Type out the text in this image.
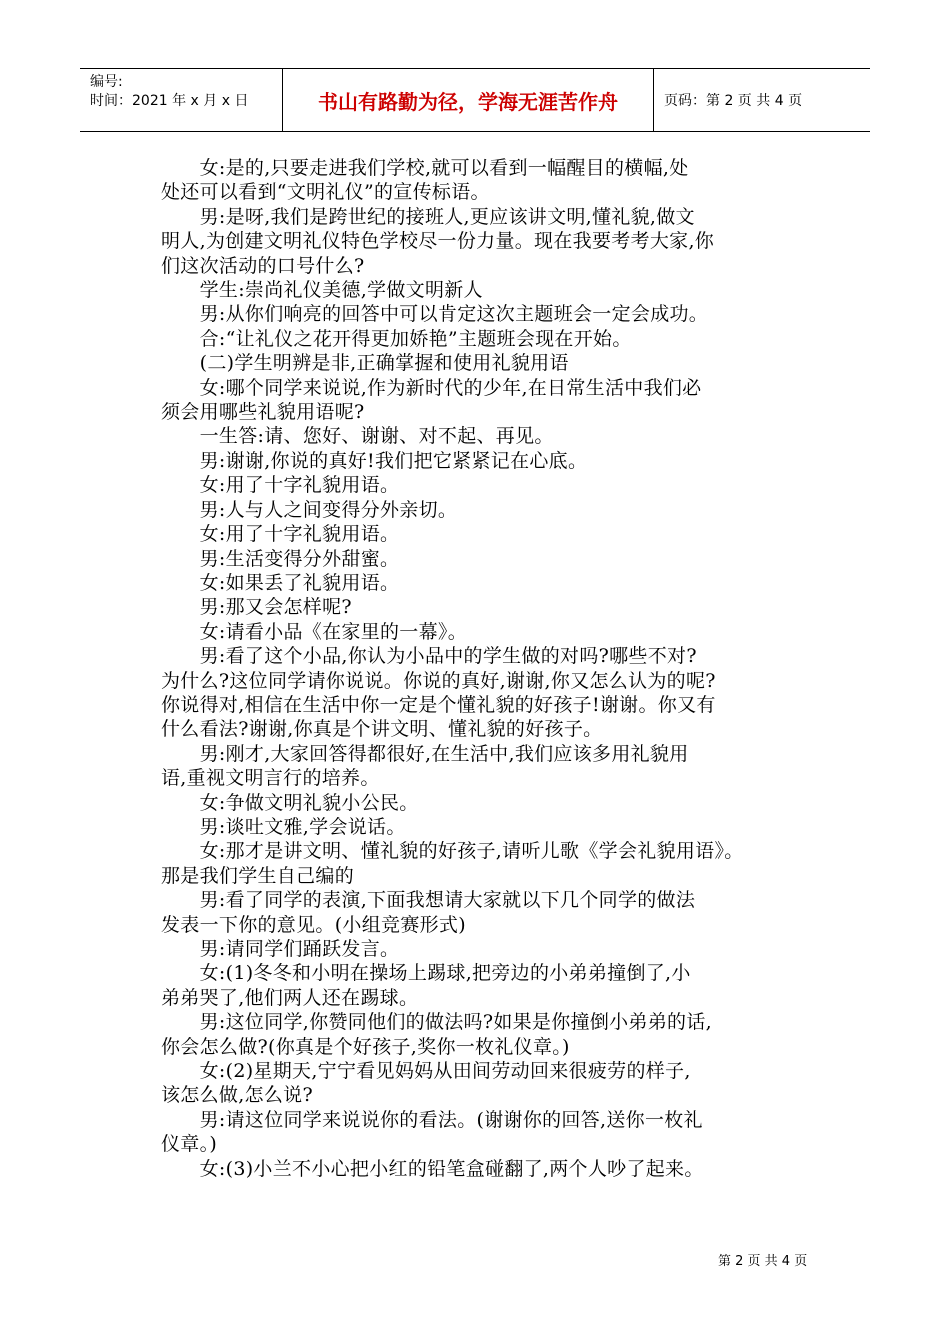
编号:
时间：2021 年 x 月 x 日	书山有路勤为径，学海无涯苦作舟	页码：第 2 页 共 4 页
　　女:是的,只要走进我们学校,就可以看到一幅醒目的横幅,处
处还可以看到“文明礼仪”的宣传标语。
　　男:是呀,我们是跨世纪的接班人,更应该讲文明,懂礼貌,做文
明人,为创建文明礼仪特色学校尽一份力量。现在我要考考大家,你
们这次活动的口号什么?
　　学生:崇尚礼仪美德,学做文明新人
　　男:从你们响亮的回答中可以肯定这次主题班会一定会成功。
　　合:“让礼仪之花开得更加娇艳”主题班会现在开始。
　　(二)学生明辨是非,正确掌握和使用礼貌用语
　　女:哪个同学来说说,作为新时代的少年,在日常生活中我们必
须会用哪些礼貌用语呢?
　　一生答:请、您好、谢谢、对不起、再见。
　　男:谢谢,你说的真好!我们把它紧紧记在心底。
　　女:用了十字礼貌用语。
　　男:人与人之间变得分外亲切。
　　女:用了十字礼貌用语。
　　男:生活变得分外甜蜜。
　　女:如果丢了礼貌用语。
　　男:那又会怎样呢?
　　女:请看小品《在家里的一幕》。
　　男:看了这个小品,你认为小品中的学生做的对吗?哪些不对?
为什么?这位同学请你说说。你说的真好,谢谢,你又怎么认为的呢?
你说得对,相信在生活中你一定是个懂礼貌的好孩子!谢谢。你又有
什么看法?谢谢,你真是个讲文明、懂礼貌的好孩子。
　　男:刚才,大家回答得都很好,在生活中,我们应该多用礼貌用
语,重视文明言行的培养。
　　女:争做文明礼貌小公民。
　　男:谈吐文雅,学会说话。
　　女:那才是讲文明、懂礼貌的好孩子,请听儿歌《学会礼貌用语》。
那是我们学生自己编的
　　男:看了同学的表演,下面我想请大家就以下几个同学的做法
发表一下你的意见。(小组竞赛形式)
　　男:请同学们踊跃发言。
　　女:(1)冬冬和小明在操场上踢球,把旁边的小弟弟撞倒了,小
弟弟哭了,他们两人还在踢球。
　　男:这位同学,你赞同他们的做法吗?如果是你撞倒小弟弟的话,
你会怎么做?(你真是个好孩子,奖你一枚礼仪章。)
　　女:(2)星期天,宁宁看见妈妈从田间劳动回来很疲劳的样子,
该怎么做,怎么说?
　　男:请这位同学来说说你的看法。(谢谢你的回答,送你一枚礼
仪章。)
　　女:(3)小兰不小心把小红的铅笔盒碰翻了,两个人吵了起来。
第 2 页 共 4 页
